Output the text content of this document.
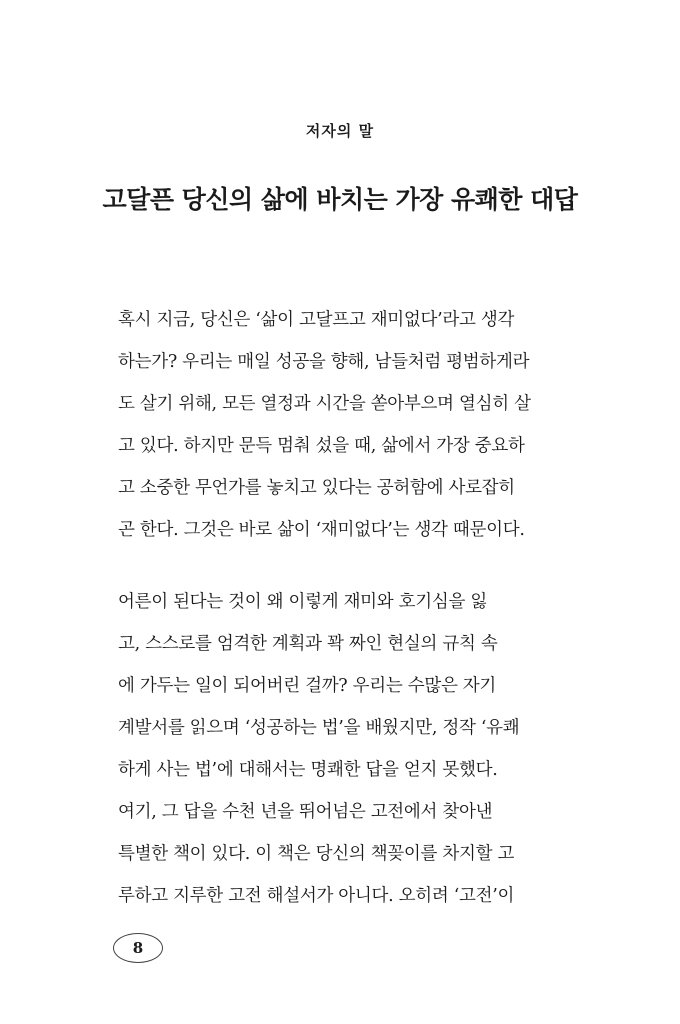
저자의 말
고달픈 당신의 삶에 바치는 가장 유쾌한 대답
혹시 지금, 당신은 ‘삶이 고달프고 재미없다’라고 생각
하는가? 우리는 매일 성공을 향해, 남들처럼 평범하게라
도 살기 위해, 모든 열정과 시간을 쏟아부으며 열심히 살
고 있다. 하지만 문득 멈춰 섰을 때, 삶에서 가장 중요하
고 소중한 무언가를 놓치고 있다는 공허함에 사로잡히
곤 한다. 그것은 바로 삶이 ‘재미없다’는 생각 때문이다.
어른이 된다는 것이 왜 이렇게 재미와 호기심을 잃
고, 스스로를 엄격한 계획과 꽉 짜인 현실의 규칙 속
에 가두는 일이 되어버린 걸까? 우리는 수많은 자기
계발서를 읽으며 ‘성공하는 법’을 배웠지만, 정작 ‘유쾌
하게 사는 법’에 대해서는 명쾌한 답을 얻지 못했다.
여기, 그 답을 수천 년을 뛰어넘은 고전에서 찾아낸
특별한 책이 있다. 이 책은 당신의 책꽂이를 차지할 고
루하고 지루한 고전 해설서가 아니다. 오히려 ‘고전’이
8
